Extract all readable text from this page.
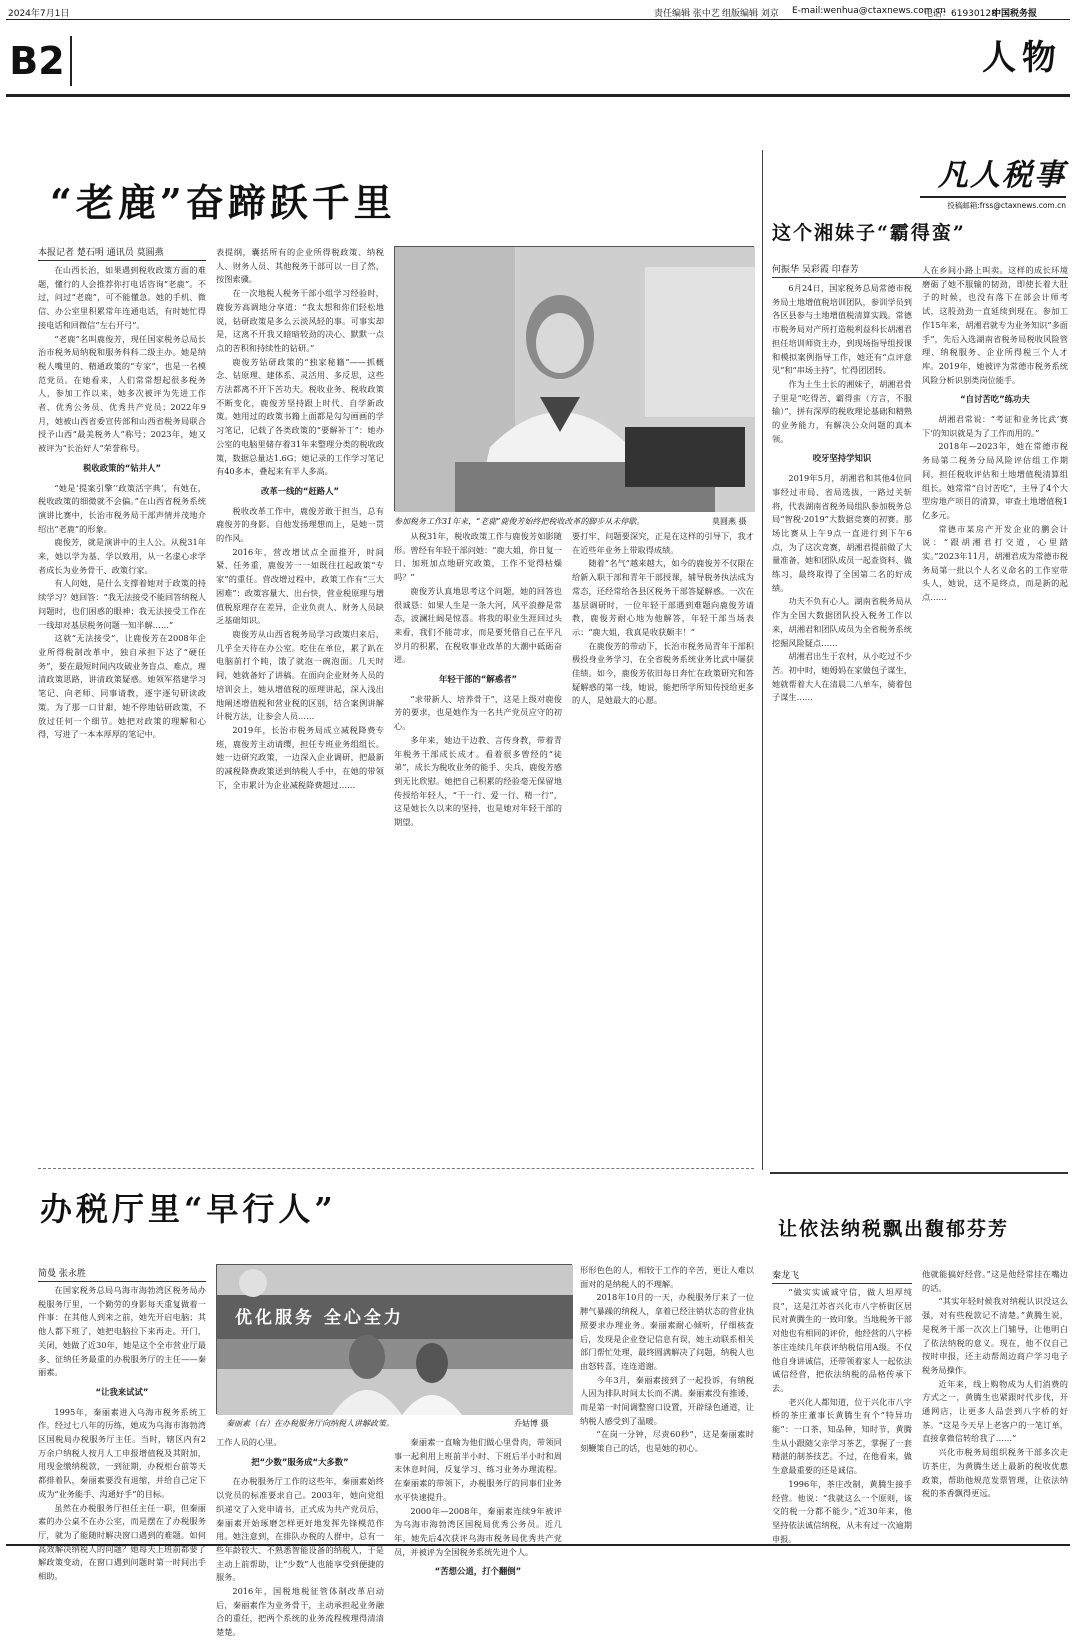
2024年7月1日	责任编辑 张中艺 组版编辑 刘京 E-mail:wenhua@ctaxnews.com.cn
电话：61930128
中国税务报
B2	人物
凡人税事
投稿邮箱:frss@ctaxnews.com.cn
“老鹿”奋蹄跃千里
本报记者 楚石明 通讯员 莫圆燕

在山西长治，如果遇到税收政策方面的难题，懂行的人会推荐你打电话咨询“老鹿”。不过，问过“老鹿”，可不能懂急。她的手机、微信、办公室里积累常年连通电话，有时她忙得接电话和回微信“左右开弓”。

“老鹿”名叫鹿俊芳，现任国家税务总局长治市税务局纳税和服务科科二级主办。她是纳税人嘴里的、精通政策的“专家”，也是一名模范党员。在她看来，人们常常想起很多税务人，参加工作以来，她多次被评为先进工作者、优秀公务员、优秀共产党员；2022年9月，她被山西省委宣传部和山西省税务局联合授予山西“最美税务人”称号；2023年，她又被评为“长治好人”荣誉称号。

税收政策的“钻井人”

“她是‘提案引擎’‘政策活字典’，有她在，税收政策的细微就不会偏。”在山西省税务系统演讲比赛中，长治市税务局干部声情并茂地介绍出“老鹿”的形象。

鹿俊芳，就是演讲中的主人公。从税31年来，她以学为基、学以致用，从一名虚心求学者成长为业务骨干、政策行家。

有人问她，是什么支撑着她对于政策的持续学习？她回答：“我无法接受不能回答纳税人问题时，也们困惑的眼神；我无法接受工作在一线却对基层税务问题一知半解……”

这就“无法接受”，让鹿俊芳在2008年企业所得税制改革中，独自承担下达了“硬任务”，要在最短时间内攻破业务盲点、难点，理清政策思路，讲清政策疑惑。她领军搭建学习笔记、向老师、同事请教，逐字逐句研读政策。为了那一口甘甜，她不停地钻研政策，不放过任何一个细节。她把对政策的理解和心得，写进了一本本厚厚的笔记中。

表提纲，囊括所有的企业所得税政策、纳税人、财务人员、其他税务干部可以一目了然，按图索骥。

在一次地税人税务干部小组学习经验时，鹿俊芳高调地分享道：“我太想和你们轻松地说，钻研政策是多么云淡风轻的事。可事实却是，这离不开我又暗暗较劲的决心、默默一点点的苦积和持续性的钻研。”

鹿俊芳钻研政策的“独家秘籍”——抓概念、钻原理、建体系、灵活用、多反思，这些方法都离不开下苦功夫。税收业务、税收政策不断变化，鹿俊芳坚持跟上时代、自学新政策。她用过的政策书籍上面都是勾勾画画的学习笔记，记载了各类政策的“要解补丁”：她办公室的电脑里储存着31年来整理分类的税收政策，数据总量达1.6G；她记录的工作学习笔记有40多本，叠起来有半人多高。

改革一线的“赶路人”

税收改革工作中，鹿俊芳敢于担当，总有鹿俊芳的身影。自他发扬理想而上，是她一贯的作风。

2016年，营改增试点全面推开，时间紧、任务重，鹿俊芳一一如既往扛起政策“专家”的重任。营改增过程中，政策工作有“三大困难”：政策容量大、出台快，营业税原理与增值税原理存在差异，企业负责人、财务人员缺乏基础知识。

鹿俊芳从山西省税务局学习政策归来后，几乎全天待在办公室。吃住在单位，累了趴在电脑前打个盹，饿了就泡一碗泡面。几天时间，她就备好了讲稿。在面向企业财务人员的培训会上，她从增值税的原理讲起，深入浅出地阐述增值税和营业税的区别，结合案例讲解计税方法，让参会人员……

2019年，长治市税务局成立减税降费专班，鹿俊芳主动请缨，担任专班业务组组长。她一边研究政策，一边深入企业调研，把最新的减税降费政策送到纳税人手中，在她的带领下，全市累计为企业减税降费超过……

参加税务工作31年来，“老鹿”鹿俊芳始终把税收改革的脚步从未停歇。	莫圆燕 摄

从税31年，税收政策工作与鹿俊芳如影随形。曾经有年轻干部问她：“鹿大姐，你日复一日、加班加点地研究政策，工作不觉得枯燥吗？”

鹿俊芳认真地思考这个问题，她的回答也很诚恳：如果人生是一条大河，风平浪静是常态，波澜壮阔是惊喜。将我的职业生涯回过头来看，我们不能苛求，而是要凭借自己在平凡岁月的积累，在税收事业改革的大潮中砥砺奋进。

年轻干部的“解惑者”

“求带新人、培养骨干”，这是上级对鹿俊芳的要求，也是她作为一名共产党员应守的初心。

多年来，她边干边教、言传身教，带着青年税务干部成长成才。看着很多曾经的“徒弟”，成长为税收业务的能手、尖兵，鹿俊芳感到无比欣慰。她把自己积累的经验毫无保留地传授给年轻人，“干一行、爱一行、精一行”，这是她长久以来的坚持，也是她对年轻干部的期望。

要打牢、问题要深究，正是在这样的引导下，我才在近些年业务上带取得成绩。

随着“名气”越来越大，如今的鹿俊芳不仅限在给新入职干部和青年干部授课，辅导税务执法成为常态，还经常给各县区税务干部答疑解惑。一次在基层调研时，一位年轻干部遇到难题向鹿俊芳请教，鹿俊芳耐心地为他解答，年轻干部当场表示：“鹿大姐，我真是收获颇丰！”

在鹿俊芳的带动下，长治市税务局青年干部积极投身业务学习，在全省税务系统业务比武中屡获佳绩。如今，鹿俊芳依旧每日奔忙在政策研究和答疑解惑的第一线，她说，能把所学所知传授给更多的人，是她最大的心愿。

这个湘妹子“霸得蛮”
何振华 吴彩霞 印春芳

6月24日，国家税务总局常德市税务局土地增值税培训团队，参训学员到各区县参与土地增值税清算实践。常德市税务局对产所打造税利益科长胡湘君担任培训师资主办，到现场指导组授课和模拟案例指导工作，她还有“点评意见”和“串场主持”，忙得团团转。

作为土生土长的湘妹子，胡湘君骨子里是“吃得苦、霸得蛮（方言，不服输）”，拼有深厚的税收理论基础和精熟的业务能力，有解决公众问题的真本领。

咬牙坚持学知识

2019年5月，胡湘君和其他4位同事经过市局、省局选拔，一路过关斩将，代表湖南省税务局组队参加税务总局“智税·2019”大数据竞赛的初赛。那场比赛从上午9点一直进行到下午6点，为了这次竞赛，胡湘君提前做了大量准备，她和团队成员一起查资料、做练习，最终取得了全国第二名的好成绩。

功夫不负有心人。湖南省税务局从作为全国大数据团队投入税务工作以来，胡湘君和团队成员为全省税务系统挖掘风险疑点……

胡湘君出生于农村，从小吃过不少苦。初中时，她姆妈在家做包子谋生，她就帮着大人在清晨二八单车，骑着包子谋生……

人在乡间小路上叫卖。这样的成长环境磨砺了她不服输的韧劲，即使长着大肚子的时候，也没有落下在部会计师考试，这股劲劲一直延续到现在。参加工作15年来，胡湘君就专为业务知识“多面手”，先后入选湖南省税务局税收风险管理、纳税服务、企业所得税三个人才库。2019年，她被评为常德市税务系统风险分析识别类岗位能手。

“自讨苦吃”练功夫

胡湘君常说：“考证和业务比武‘赛下’的知识就是为了工作而用的。”

2018年—2023年，她在常德市税务局第二税务分局风险评估组工作期间，担任税收评估和土地增值税清算组组长。她常常“自讨苦吃”，主导了4个大型房地产项目的清算，审查土地增值税1亿多元。

常德市某房产开发企业的鹏会计说：“跟胡湘君打交道，心里踏实。”2023年11月，胡湘君成为常德市税务局第一批以个人名义命名的工作室带头人，她说，这不是终点，而是新的起点……

办税厅里“早行人”
简曼 张永胜

在国家税务总局乌海市海勃湾区税务局办税服务厅里，一个勤劳的身影每天重复做着一件事：在其他人到来之前，她先开启电脑；其他人都下班了，她把电脑拉下来再走。开门，关闭，她做了近30年，她是这个全市营业厅最多、征纳任务最重的办税服务厅的主任——秦丽素。

“让我来试试”

1995年，秦丽素进入乌海市税务系统工作。经过七八年的历练，她成为乌海市海勃湾区国税局办税服务厅主任。当时，辖区内有2万余户纳税人按月人工申报增值税及其附加，用现金缴纳税款，一到征期，办税柜台前等天都排着队，秦丽素要没有退缩，并给自己定下成为“业务能手、沟通好手”的目标。

虽然在办税服务厅担任主任一职，但秦丽素的办公桌不在办公室，而是摆在了办税服务厅，就为了能随时解决窗口遇到的难题。如何高效解决纳税人的问题？她每天上班前都要了解政策变动，在窗口遇到问题时第一时间出手相助。

优化服务 全心全力
秦丽素（右）在办税服务厅向纳税人讲解政策。	乔姑博 摄

工作人员的心里。

把“少数”服务成“大多数”

在办税服务厅工作的这些年，秦丽素始终以党员的标准要求自己。2003年，她向党组织递交了入党申请书，正式成为共产党员后，秦丽素开始琢磨怎样更好地发挥先锋模范作用。她注意到，在排队办税的人群中，总有一些年龄较大、不熟悉智能设备的纳税人，于是主动上前帮助，让“少数”人也能享受到便捷的服务。

2016年，国税地税征管体制改革启动后，秦丽素作为业务骨干，主动承担起业务融合的重任，把两个系统的业务流程梳理得清清楚楚。

秦丽素一直喻为他们做心里骨肉，带领同事一起利用上班前半小时、下班后半小时和周末休息时间，反复学习、练习业务办理流程。在秦丽素的带领下，办税服务厅的同事们业务水平快速提升。

2000年—2008年，秦丽素连续9年被评为乌海市海勃湾区国税局优秀公务员。近几年，她先后4次获评乌海市税务局优秀共产党员，并被评为全国税务系统先进个人。

“苦想公道，打个翻倒”

形形色色的人，相较于工作的辛苦，更让人难以面对的是纳税人的不理解。

2018年10月的一天，办税服务厅来了一位脾气暴躁的纳税人，拿着已经注销状态的营业执照要求办理业务。秦丽素耐心倾听，仔细核查后，发现是企业登记信息有误，她主动联系相关部门帮忙处理，最终圆满解决了问题，纳税人也由怒转喜，连连道谢。

今年3月，秦丽素接到了一起投诉，有纳税人因为排队时间太长而不满。秦丽素没有推诿，而是第一时间调整窗口设置，开辟绿色通道，让纳税人感受到了温暖。

“在岗一分钟，尽责60秒”，这是秦丽素时刻鞭策自己的话，也是她的初心。

让依法纳税飘出馥郁芬芳
秦龙飞

“做实实诚诚守信，做人坦厚纯良”，这是江苏省兴化市八字桥街区居民对黄腾生的一致印象。当地税务干部对他也有相同的评价，他经营的八字桥茶庄连续几年获评纳税信用A级。不仅他自身讲诚信，还带领着家人一起依法诚信经营，把依法纳税的品格传承下去。

老兴化人都知道，位于兴化市八字桥的茶庄董事长黄腾生有个“特异功能”：一口茶，知品种，知时节，黄腾生从小跟随父亲学习茶艺，掌握了一套精湛的制茶技艺。不过，在他看来，做生意最重要的还是诚信。

1996年，茶庄改制，黄腾生接手经营。他说：“我就这么一个原则，该交的税一分都不能少。”近30年来，他坚持依法诚信纳税，从未有过一次逾期申报。

他就能搞好经营。”这是他经常挂在嘴边的话。

“其实年轻时候我对纳税认识没这么强，对有些税款记不清楚。”黄腾生说，是税务干部一次次上门辅导，让他明白了依法纳税的意义。现在，他不仅自己按时申报，还主动帮周边商户学习电子税务局操作。

近年来，线上购物成为人们消费的方式之一，黄腾生也紧跟时代步伐，开通网店，让更多人品尝到八字桥的好茶。“这是今天早上老客户的一笔订单，直接拿微信转给我了……”

兴化市税务局组织税务干部多次走访茶庄，为黄腾生送上最新的税收优惠政策，帮助他规范发票管理，让依法纳税的茶香飘得更远。
